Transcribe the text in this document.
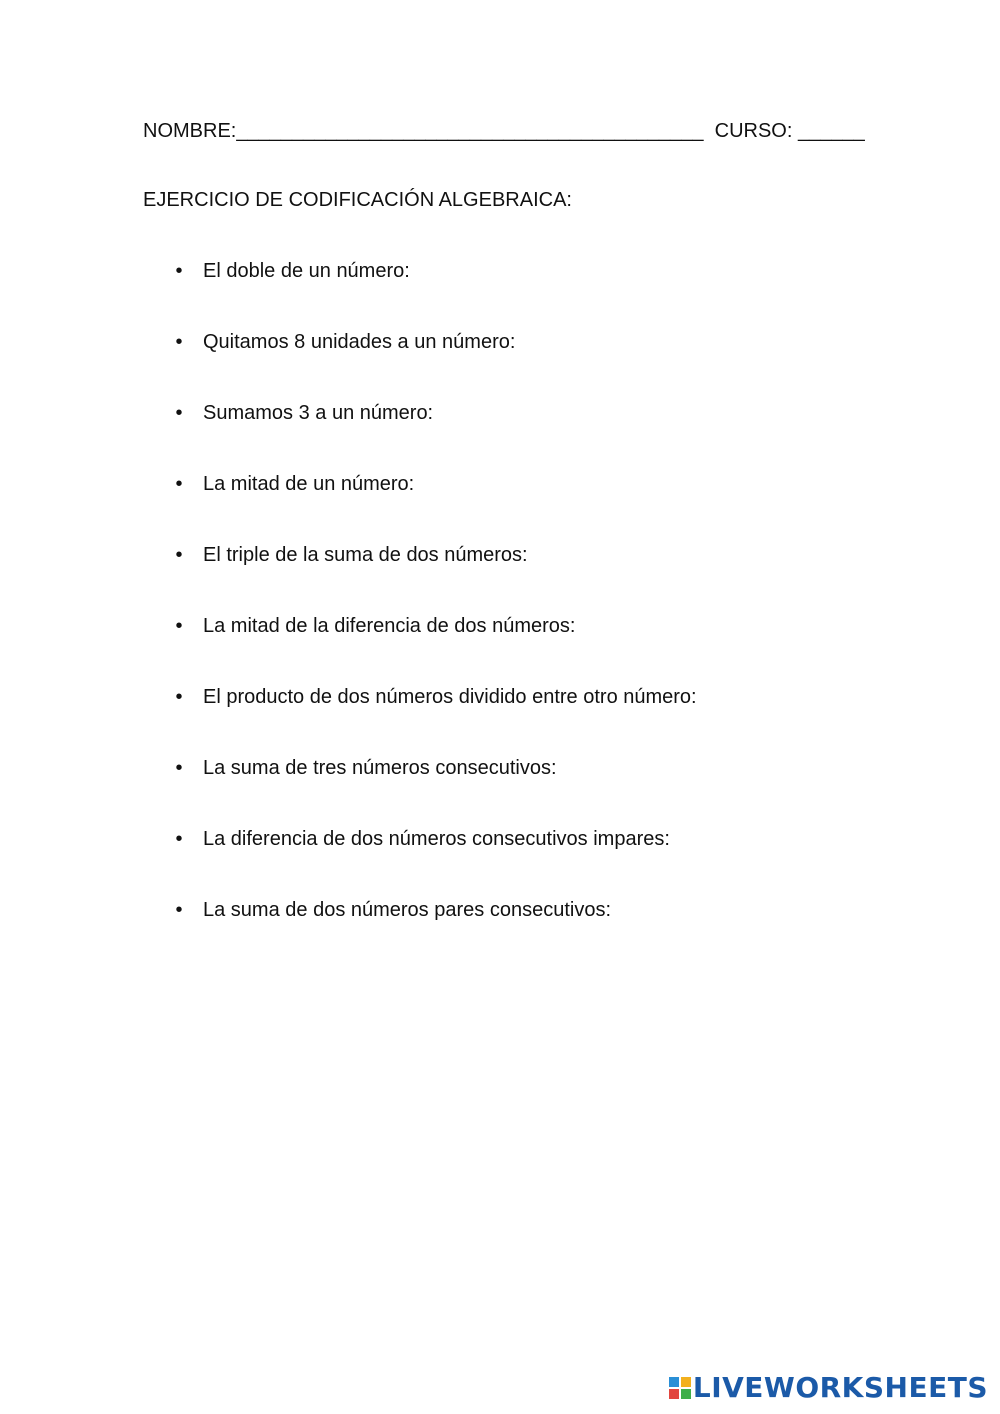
NOMBRE:__________________________________________ CURSO: ______
EJERCICIO DE CODIFICACIÓN ALGEBRAICA:
• El doble de un número:
• Quitamos 8 unidades a un número:
• Sumamos 3 a un número:
• La mitad de un número:
• El triple de la suma de dos números:
• La mitad de la diferencia de dos números:
• El producto de dos números dividido entre otro número:
• La suma de tres números consecutivos:
• La diferencia de dos números consecutivos impares:
• La suma de dos números pares consecutivos:
LIVEWORKSHEETS
